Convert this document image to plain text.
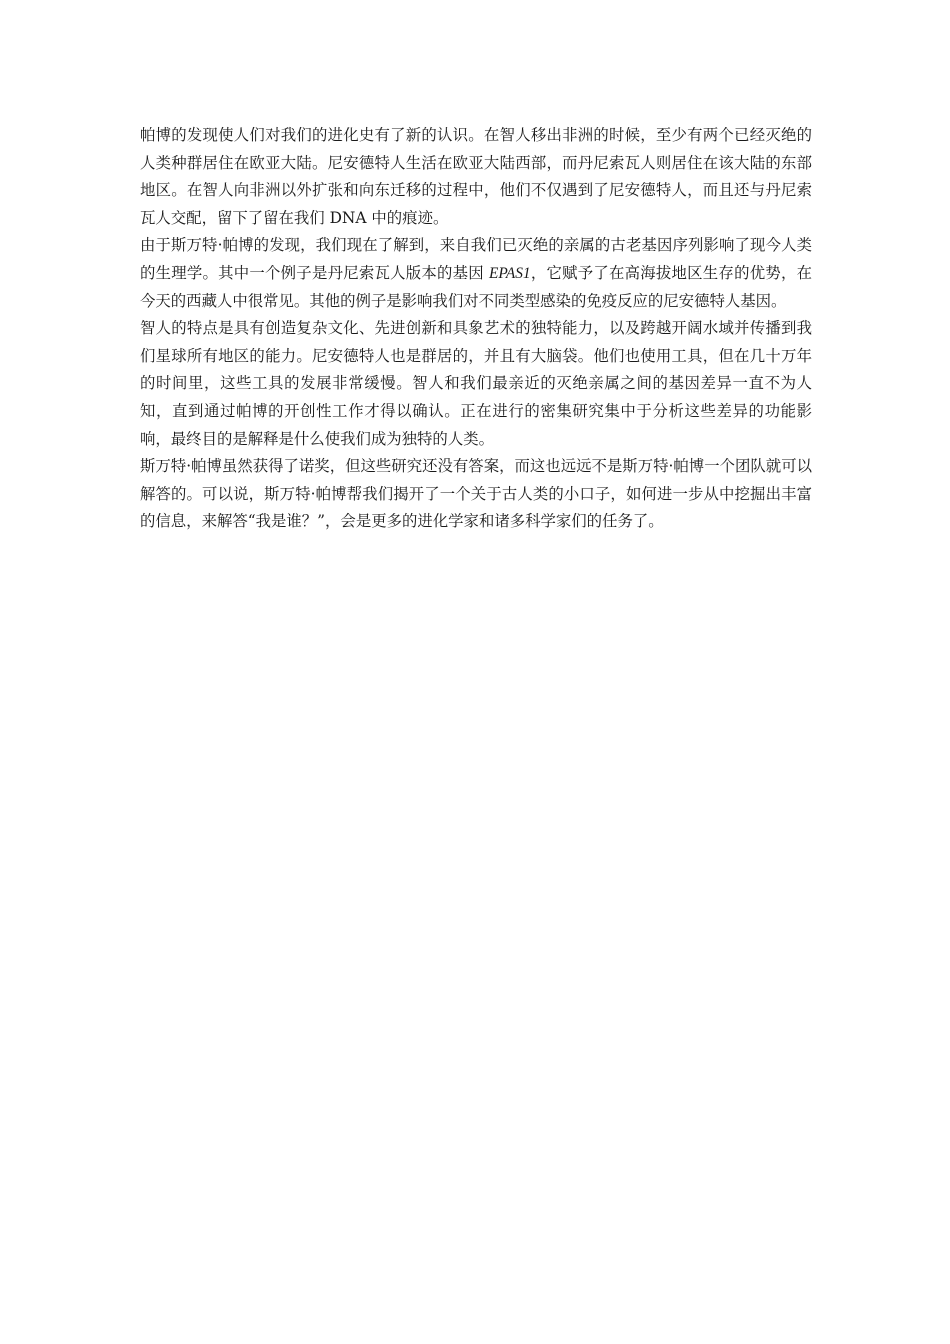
帕博的发现使人们对我们的进化史有了新的认识。在智人移出非洲的时候，至少有两个已经灭绝的人类种群居住在欧亚大陆。尼安德特人生活在欧亚大陆西部，而丹尼索瓦人则居住在该大陆的东部地区。在智人向非洲以外扩张和向东迁移的过程中，他们不仅遇到了尼安德特人，而且还与丹尼索瓦人交配，留下了留在我们 DNA 中的痕迹。

由于斯万特·帕博的发现，我们现在了解到，来自我们已灭绝的亲属的古老基因序列影响了现今人类的生理学。其中一个例子是丹尼索瓦人版本的基因 EPAS1，它赋予了在高海拔地区生存的优势，在今天的西藏人中很常见。其他的例子是影响我们对不同类型感染的免疫反应的尼安德特人基因。

智人的特点是具有创造复杂文化、先进创新和具象艺术的独特能力，以及跨越开阔水域并传播到我们星球所有地区的能力。尼安德特人也是群居的，并且有大脑袋。他们也使用工具，但在几十万年的时间里，这些工具的发展非常缓慢。智人和我们最亲近的灭绝亲属之间的基因差异一直不为人知，直到通过帕博的开创性工作才得以确认。正在进行的密集研究集中于分析这些差异的功能影响，最终目的是解释是什么使我们成为独特的人类。

斯万特·帕博虽然获得了诺奖，但这些研究还没有答案，而这也远远不是斯万特·帕博一个团队就可以解答的。可以说，斯万特·帕博帮我们揭开了一个关于古人类的小口子，如何进一步从中挖掘出丰富的信息，来解答“我是谁？”，会是更多的进化学家和诸多科学家们的任务了。
